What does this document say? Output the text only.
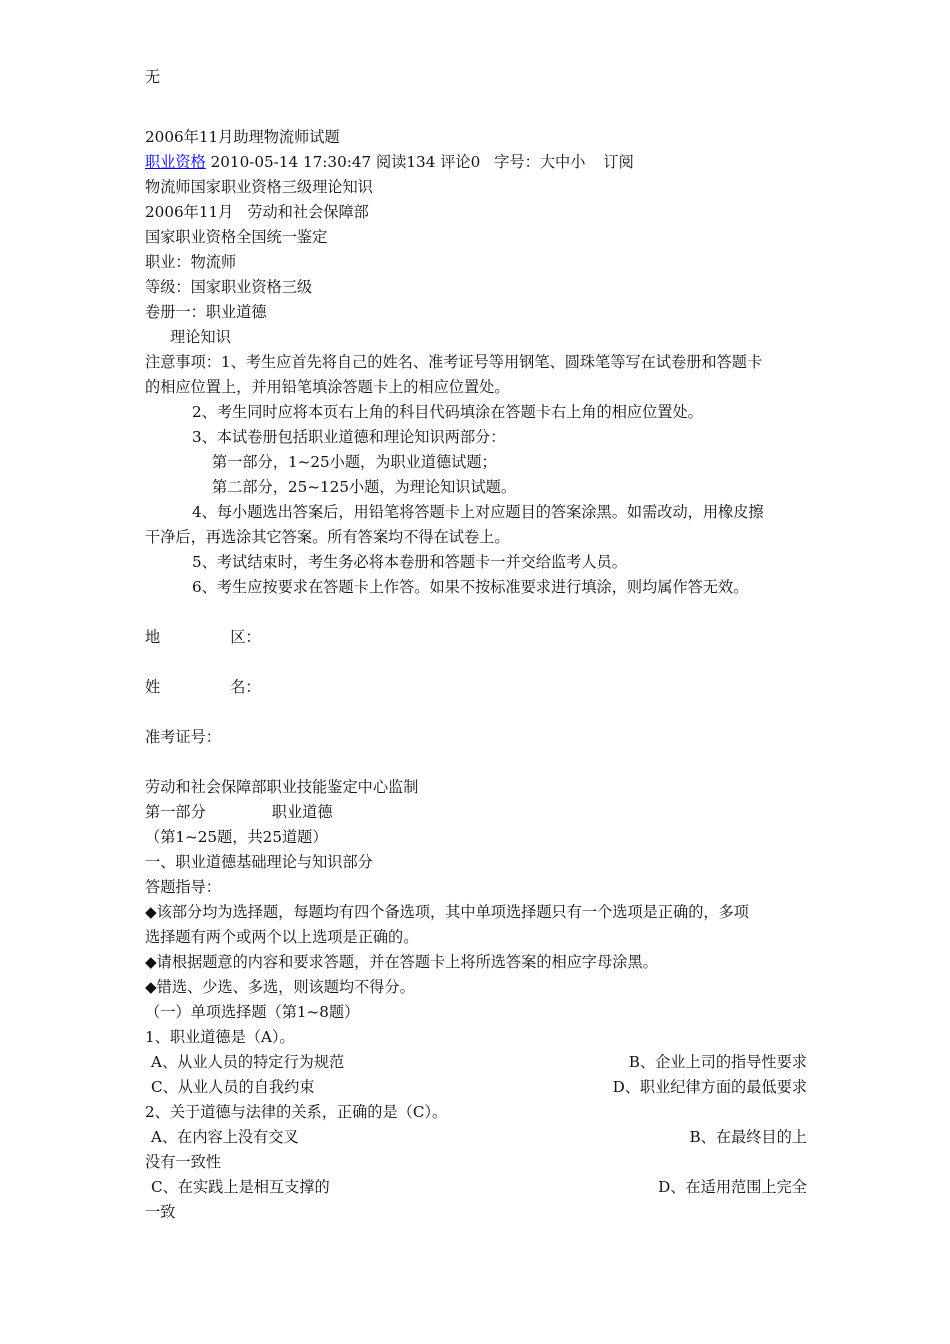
无
2006年11月助理物流师试题
职业资格 2010-05-14 17:30:47 阅读134 评论0 字号：大中小 订阅
物流师国家职业资格三级理论知识
2006年11月 劳动和社会保障部
国家职业资格全国统一鉴定
职业：物流师
等级：国家职业资格三级
卷册一：职业道德
理论知识
注意事项：1、考生应首先将自己的姓名、准考证号等用钢笔、圆珠笔等写在试卷册和答题卡
的相应位置上，并用铅笔填涂答题卡上的相应位置处。
2、考生同时应将本页右上角的科目代码填涂在答题卡右上角的相应位置处。
3、本试卷册包括职业道德和理论知识两部分：
第一部分，1~25小题，为职业道德试题；
第二部分，25~125小题，为理论知识试题。
4、每小题选出答案后，用铅笔将答题卡上对应题目的答案涂黑。如需改动，用橡皮擦
干净后，再选涂其它答案。所有答案均不得在试卷上。
5、考试结束时，考生务必将本卷册和答题卡一并交给监考人员。
6、考生应按要求在答题卡上作答。如果不按标准要求进行填涂，则均属作答无效。
地	区：
姓	名：
准考证号：
劳动和社会保障部职业技能鉴定中心监制
第一部分	职业道德
（第1~25题，共25道题）
一、职业道德基础理论与知识部分
答题指导：
◆该部分均为选择题，每题均有四个备选项，其中单项选择题只有一个选项是正确的，多项
选择题有两个或两个以上选项是正确的。
◆请根据题意的内容和要求答题，并在答题卡上将所选答案的相应字母涂黑。
◆错选、少选、多选，则该题均不得分。
（一）单项选择题（第1~8题）
1、职业道德是（A）。
A、从业人员的特定行为规范	B、企业上司的指导性要求
C、从业人员的自我约束	D、职业纪律方面的最低要求
2、关于道德与法律的关系，正确的是（C）。
A、在内容上没有交叉	B、在最终目的上
没有一致性
C、在实践上是相互支撑的	D、在适用范围上完全
一致
